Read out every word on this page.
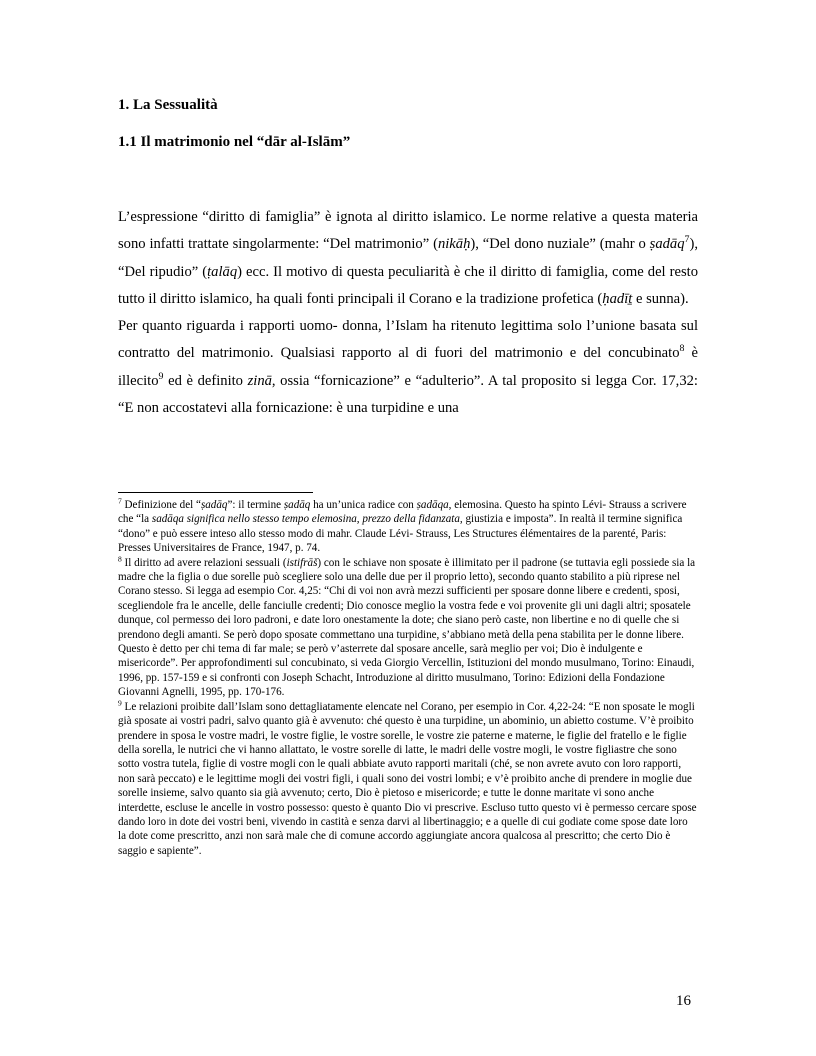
1. La Sessualità
1.1 Il matrimonio nel “dār al-Islām”

L’espressione “diritto di famiglia” è ignota al diritto islamico. Le norme relative a questa materia sono infatti trattate singolarmente: “Del matrimonio” (nikāḥ), “Del dono nuziale” (mahr o ṣadāq$^7$), “Del ripudio” (ṭalāq) ecc. Il motivo di questa peculiarità è che il diritto di famiglia, come del resto tutto il diritto islamico, ha quali fonti principali il Corano e la tradizione profetica (ḥadīṯ e sunna).

Per quanto riguarda i rapporti uomo- donna, l’Islam ha ritenuto legittima solo l’unione basata sul contratto del matrimonio. Qualsiasi rapporto al di fuori del matrimonio e del concubinato$^8$ è illecito$^9$ ed è definito zinā, ossia “fornicazione” e “adulterio”. A tal proposito si legga Cor. 17,32: “E non accostatevi alla fornicazione: è una turpidine e una

$^7$ Definizione del “ṣadāq”: il termine ṣadāq ha un’unica radice con ṣadāqa, elemosina. Questo ha spinto Lévi- Strauss a scrivere che “la sadāqa significa nello stesso tempo elemosina, prezzo della fidanzata, giustizia e imposta”. In realtà il termine significa “dono” e può essere inteso allo stesso modo di mahr. Claude Lévi- Strauss, Les Structures élémentaires de la parenté, Paris: Presses Universitaires de France, 1947, p. 74.

$^8$ Il diritto ad avere relazioni sessuali (istifrāš) con le schiave non sposate è illimitato per il padrone (se tuttavia egli possiede sia la madre che la figlia o due sorelle può scegliere solo una delle due per il proprio letto), secondo quanto stabilito a più riprese nel Corano stesso. Si legga ad esempio Cor. 4,25: “Chi di voi non avrà mezzi sufficienti per sposare donne libere e credenti, sposi, scegliendole fra le ancelle, delle fanciulle credenti; Dio conosce meglio la vostra fede e voi provenite gli uni dagli altri; sposatele dunque, col permesso dei loro padroni, e date loro onestamente la dote; che siano però caste, non libertine e no di quelle che si prendono degli amanti. Se però dopo sposate commettano una turpidine, s’abbiano metà della pena stabilita per le donne libere. Questo è detto per chi tema di far male; se però v’asterrete dal sposare ancelle, sarà meglio per voi; Dio è indulgente e misericorde”. Per approfondimenti sul concubinato, si veda Giorgio Vercellin, Istituzioni del mondo musulmano, Torino: Einaudi, 1996, pp. 157-159 e si confronti con Joseph Schacht, Introduzione al diritto musulmano, Torino: Edizioni della Fondazione Giovanni Agnelli, 1995, pp. 170-176.

$^9$ Le relazioni proibite dall’Islam sono dettagliatamente elencate nel Corano, per esempio in Cor. 4,22-24: “E non sposate le mogli già sposate ai vostri padri, salvo quanto già è avvenuto: ché questo è una turpidine, un abominio, un abietto costume. V’è proibito prendere in sposa le vostre madri, le vostre figlie, le vostre sorelle, le vostre zie paterne e materne, le figlie del fratello e le figlie della sorella, le nutrici che vi hanno allattato, le vostre sorelle di latte, le madri delle vostre mogli, le vostre figliastre che sono sotto vostra tutela, figlie di vostre mogli con le quali abbiate avuto rapporti maritali (ché, se non avrete avuto con loro rapporti, non sarà peccato) e le legittime mogli dei vostri figli, i quali sono dei vostri lombi; e v’è proibito anche di prendere in moglie due sorelle insieme, salvo quanto sia già avvenuto; certo, Dio è pietoso e misericorde; e tutte le donne maritate vi sono anche interdette, escluse le ancelle in vostro possesso: questo è quanto Dio vi prescrive. Escluso tutto questo vi è permesso cercare spose dando loro in dote dei vostri beni, vivendo in castità e senza darvi al libertinaggio; e a quelle di cui godiate come spose date loro la dote come prescritto, anzi non sarà male che di comune accordo aggiungiate ancora qualcosa al prescritto; che certo Dio è saggio e sapiente”.

16
